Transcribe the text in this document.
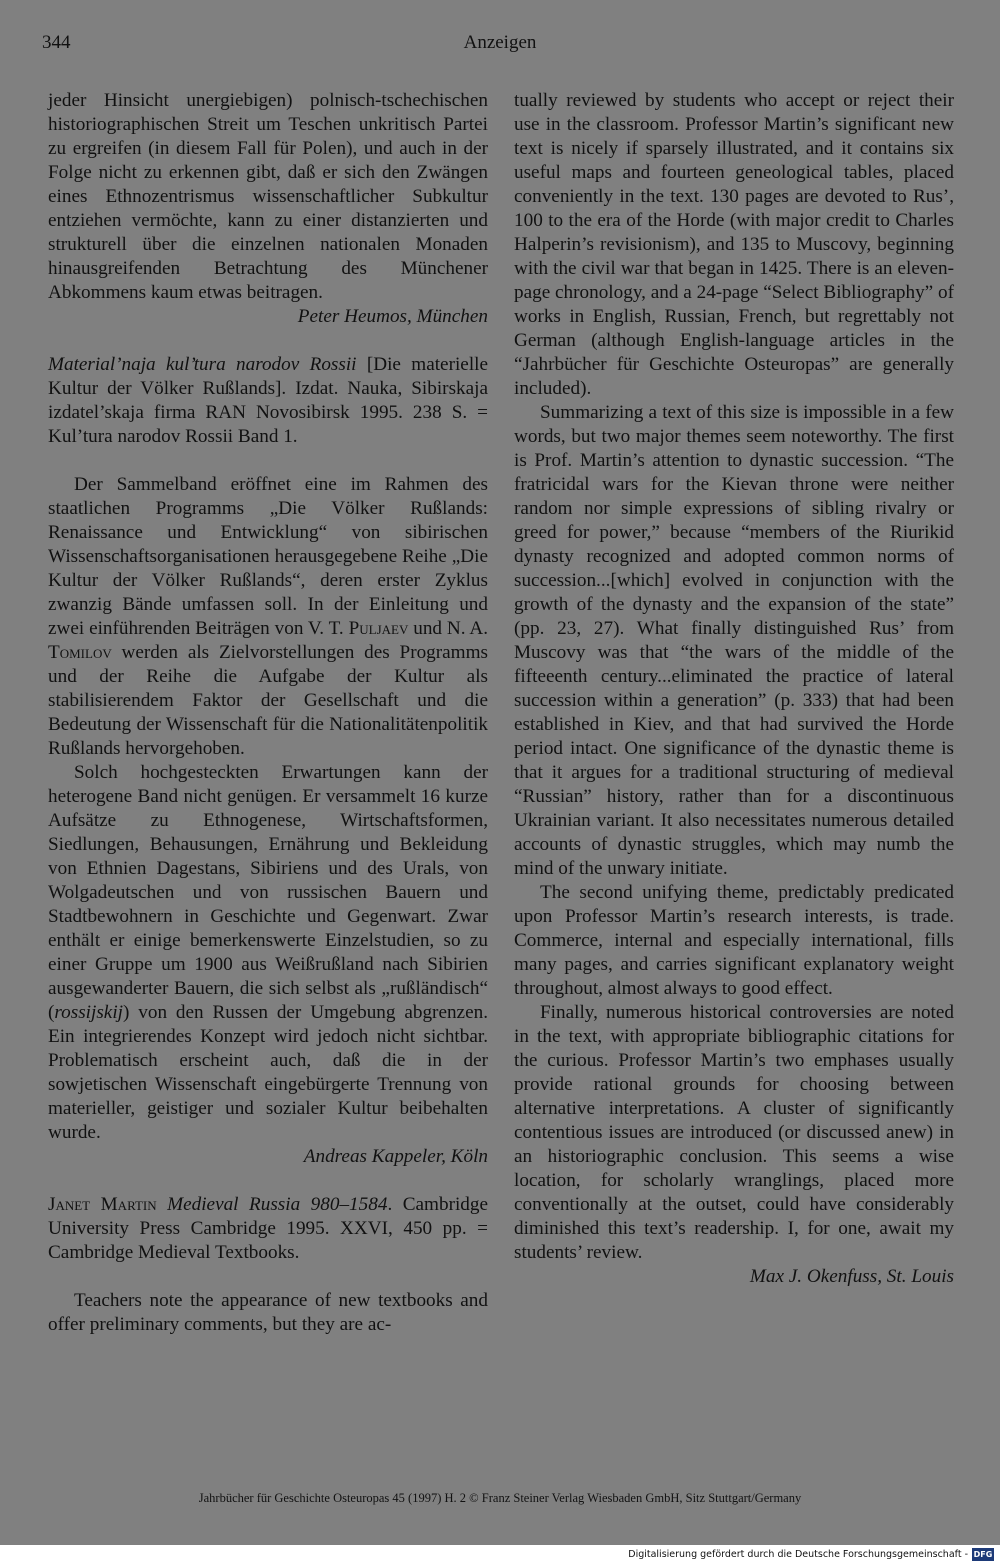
344	Anzeigen

jeder Hinsicht unergiebigen) polnisch-tschechischen historiographischen Streit um Teschen unkritisch Partei zu ergreifen (in diesem Fall für Polen), und auch in der Folge nicht zu erkennen gibt, daß er sich den Zwängen eines Ethnozentrismus wissenschaftlicher Subkultur entziehen vermöchte, kann zu einer distanzierten und strukturell über die einzelnen nationalen Monaden hinausgreifenden Betrachtung des Münchener Abkommens kaum etwas beitragen.

Peter Heumos, München

Material’naja kul’tura narodov Rossii [Die materielle Kultur der Völker Rußlands]. Izdat. Nauka, Sibirskaja izdatel’skaja firma RAN Novosibirsk 1995. 238 S. = Kul’tura narodov Rossii Band 1.

Der Sammelband eröffnet eine im Rahmen des staatlichen Programms „Die Völker Rußlands: Renaissance und Entwicklung“ von sibirischen Wissenschaftsorganisationen herausgegebene Reihe „Die Kultur der Völker Rußlands“, deren erster Zyklus zwanzig Bände umfassen soll. In der Einleitung und zwei einführenden Beiträgen von V. T. Puljaev und N. A. Tomilov werden als Zielvorstellungen des Programms und der Reihe die Aufgabe der Kultur als stabilisierendem Faktor der Gesellschaft und die Bedeutung der Wissenschaft für die Nationalitätenpolitik Rußlands hervorgehoben.

Solch hochgesteckten Erwartungen kann der heterogene Band nicht genügen. Er versammelt 16 kurze Aufsätze zu Ethnogenese, Wirtschaftsformen, Siedlungen, Behausungen, Ernährung und Bekleidung von Ethnien Dagestans, Sibiriens und des Urals, von Wolgadeutschen und von russischen Bauern und Stadtbewohnern in Geschichte und Gegenwart. Zwar enthält er einige bemerkenswerte Einzelstudien, so zu einer Gruppe um 1900 aus Weißrußland nach Sibirien ausgewanderter Bauern, die sich selbst als „rußländisch“ (rossijskij) von den Russen der Umgebung abgrenzen. Ein integrierendes Konzept wird jedoch nicht sichtbar. Problematisch erscheint auch, daß die in der sowjetischen Wissenschaft eingebürgerte Trennung von materieller, geistiger und sozialer Kultur beibehalten wurde.

Andreas Kappeler, Köln

Janet Martin Medieval Russia 980–1584. Cambridge University Press Cambridge 1995. XXVI, 450 pp. = Cambridge Medieval Textbooks.

Teachers note the appearance of new textbooks and offer preliminary comments, but they are ac-

tually reviewed by students who accept or reject their use in the classroom. Professor Martin’s significant new text is nicely if sparsely illustrated, and it contains six useful maps and fourteen geneological tables, placed conveniently in the text. 130 pages are devoted to Rus’, 100 to the era of the Horde (with major credit to Charles Halperin’s revisionism), and 135 to Muscovy, beginning with the civil war that began in 1425. There is an eleven-page chronology, and a 24-page “Select Bibliography” of works in English, Russian, French, but regrettably not German (although English-language articles in the “Jahrbücher für Geschichte Osteuropas” are generally included).

Summarizing a text of this size is impossible in a few words, but two major themes seem noteworthy. The first is Prof. Martin’s attention to dynastic succession. “The fratricidal wars for the Kievan throne were neither random nor simple expressions of sibling rivalry or greed for power,” because “members of the Riurikid dynasty recognized and adopted common norms of succession...[which] evolved in conjunction with the growth of the dynasty and the expansion of the state” (pp. 23, 27). What finally distinguished Rus’ from Muscovy was that “the wars of the middle of the fifteeenth century...eliminated the practice of lateral succession within a generation” (p. 333) that had been established in Kiev, and that had survived the Horde period intact. One significance of the dynastic theme is that it argues for a traditional structuring of medieval “Russian” history, rather than for a discontinuous Ukrainian variant. It also necessitates numerous detailed accounts of dynastic struggles, which may numb the mind of the unwary initiate.

The second unifying theme, predictably predicated upon Professor Martin’s research interests, is trade. Commerce, internal and especially international, fills many pages, and carries significant explanatory weight throughout, almost always to good effect.

Finally, numerous historical controversies are noted in the text, with appropriate bibliographic citations for the curious. Professor Martin’s two emphases usually provide rational grounds for choosing between alternative interpretations. A cluster of significantly contentious issues are introduced (or discussed anew) in an historiographic conclusion. This seems a wise location, for scholarly wranglings, placed more conventionally at the outset, could have considerably diminished this text’s readership. I, for one, await my students’ review.

Max J. Okenfuss, St. Louis

Jahrbücher für Geschichte Osteuropas 45 (1997) H. 2 © Franz Steiner Verlag Wiesbaden GmbH, Sitz Stuttgart/Germany
Digitalisierung gefördert durch die Deutsche Forschungsgemeinschaft - DFG
